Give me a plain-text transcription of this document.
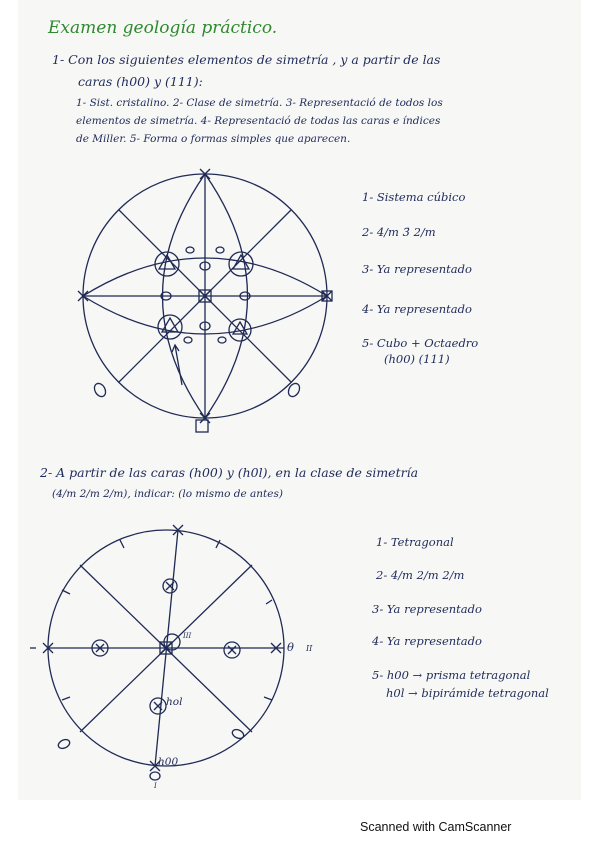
Examen geología práctico.
1- Con los siguientes elementos de simetría , y a partir de las
caras (h00) y (111):
1- Sist. cristalino. 2- Clase de simetría. 3- Representació de todos los
elementos de simetría. 4- Representació de todas las caras e índices
de Miller. 5- Forma o formas simples que aparecen.
1- Sistema cúbico
2- 4/m 3̄ 2/m
3- Ya representado
4- Ya representado
5- Cubo + Octaedro
(h00) (111)
2- A partir de las caras (h00) y (h0l), en la clase de simetría
(4/m 2/m 2/m), indicar: (lo mismo de antes)
1- Tetragonal
2- 4/m 2/m 2/m
3- Ya representado
4- Ya representado
5- h00 → prisma tetragonal
h0l → bipirámide tetragonal
hol
h00
θ II
III
I
Scanned with CamScanner
